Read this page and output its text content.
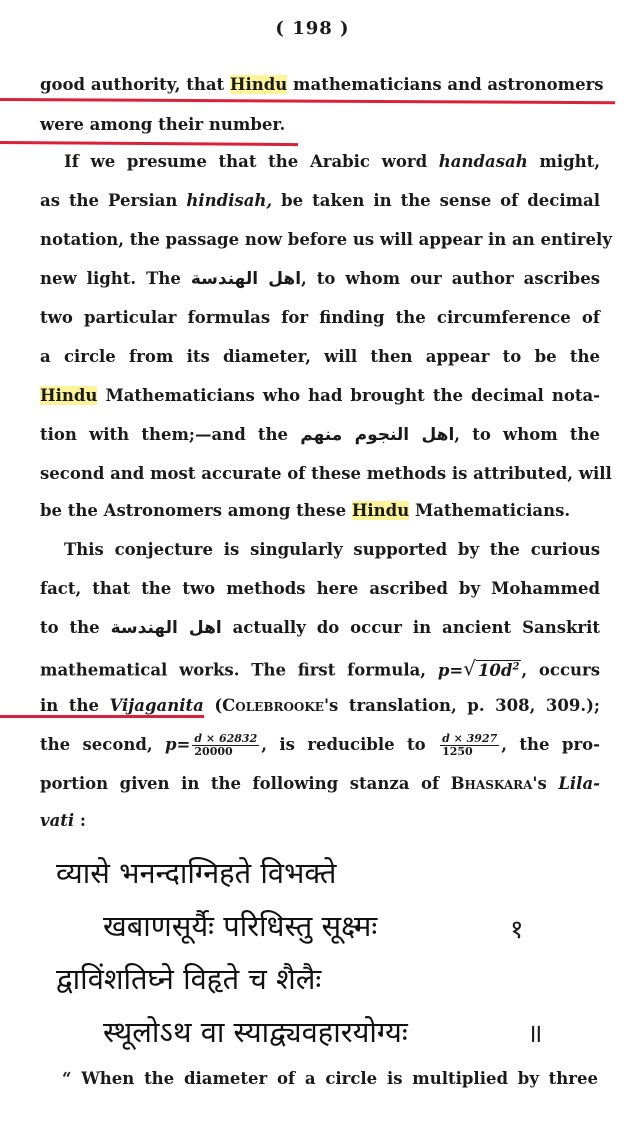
( 198 )
good authority, that Hindu mathematicians and astronomers
were among their number.
If we presume that the Arabic word handasah might,
as the Persian hindisah, be taken in the sense of decimal
notation, the passage now before us will appear in an entirely
new light. The اهل الهندسة, to whom our author ascribes
two particular formulas for finding the circumference of
a circle from its diameter, will then appear to be the
Hindu Mathematicians who had brought the decimal nota-
tion with them;—and the اهل النجوم منهم, to whom the
second and most accurate of these methods is attributed, will
be the Astronomers among these Hindu Mathematicians.
This conjecture is singularly supported by the curious
fact, that the two methods here ascribed by Mohammed
to the اهل الهندسة actually do occur in ancient Sanskrit
mathematical works. The first formula, p=√ $10d^2$ , occurs
in the Vijaganita (Colebrooke's translation, p. 308, 309.);
the second, $p= \frac{d \times 62832}{20000}$ , is reducible to $\frac{d \times 3927}{1250}$ , the pro-
portion given in the following stanza of Bhaskara's Lila-
vati :
व्यासे भनन्दाग्निहते विभक्ते
खबाणसूर्यैः परिधिस्तु सूक्ष्मः	१
द्वाविंशतिघ्ने विहृते च शैलैः
स्थूलोऽथ वा स्याद्व्यवहारयोग्यः	॥
“ When the diameter of a circle is multiplied by three
